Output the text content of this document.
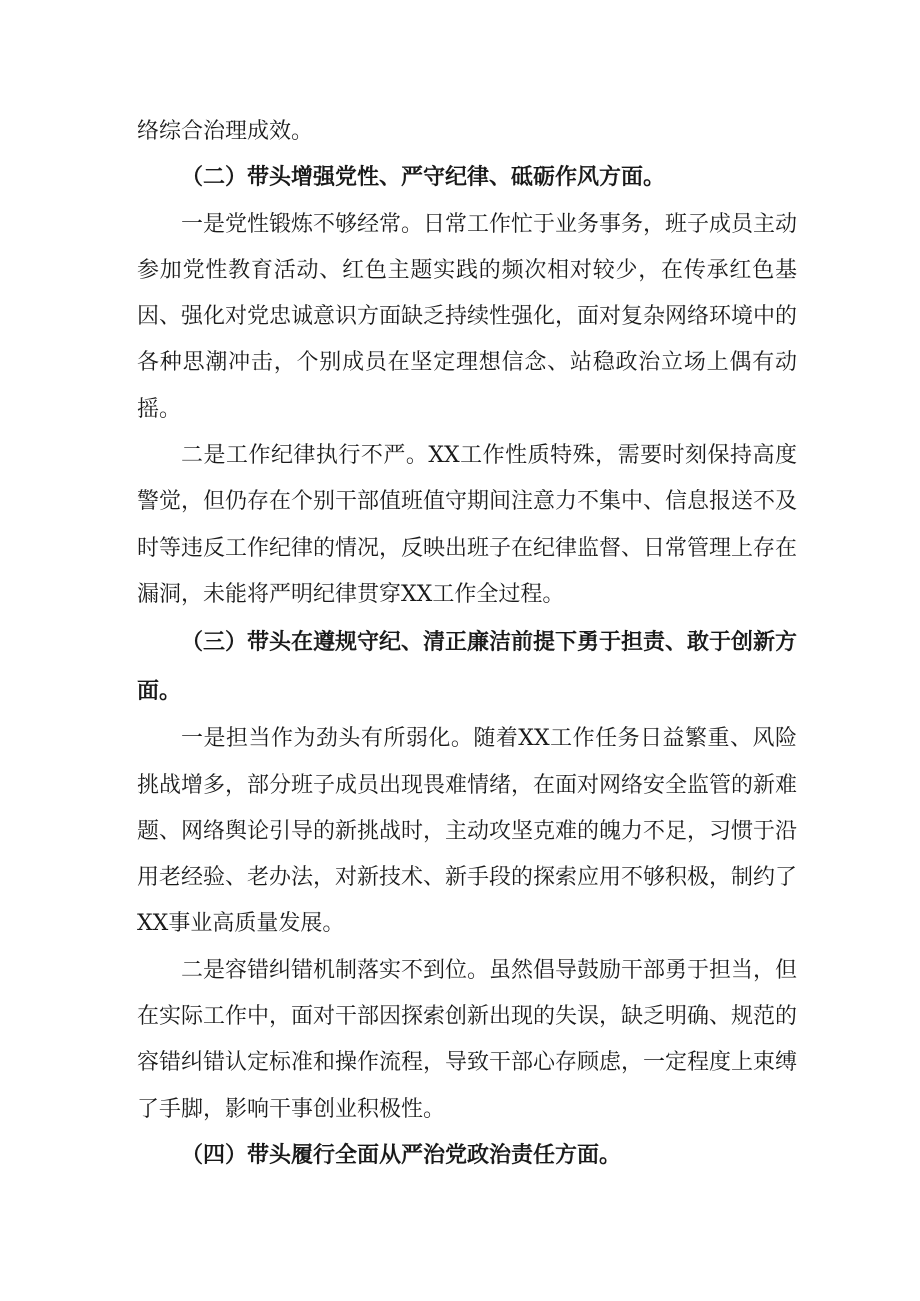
络综合治理成效。

（二）带头增强党性、严守纪律、砥砺作风方面。

一是党性锻炼不够经常。日常工作忙于业务事务，班子成员主动参加党性教育活动、红色主题实践的频次相对较少，在传承红色基因、强化对党忠诚意识方面缺乏持续性强化，面对复杂网络环境中的各种思潮冲击，个别成员在坚定理想信念、站稳政治立场上偶有动摇。

二是工作纪律执行不严。XX工作性质特殊，需要时刻保持高度警觉，但仍存在个别干部值班值守期间注意力不集中、信息报送不及时等违反工作纪律的情况，反映出班子在纪律监督、日常管理上存在漏洞，未能将严明纪律贯穿XX工作全过程。

（三）带头在遵规守纪、清正廉洁前提下勇于担责、敢于创新方面。

一是担当作为劲头有所弱化。随着XX工作任务日益繁重、风险挑战增多，部分班子成员出现畏难情绪，在面对网络安全监管的新难题、网络舆论引导的新挑战时，主动攻坚克难的魄力不足，习惯于沿用老经验、老办法，对新技术、新手段的探索应用不够积极，制约了XX事业高质量发展。

二是容错纠错机制落实不到位。虽然倡导鼓励干部勇于担当，但在实际工作中，面对干部因探索创新出现的失误，缺乏明确、规范的容错纠错认定标准和操作流程，导致干部心存顾虑，一定程度上束缚了手脚，影响干事创业积极性。

（四）带头履行全面从严治党政治责任方面。
